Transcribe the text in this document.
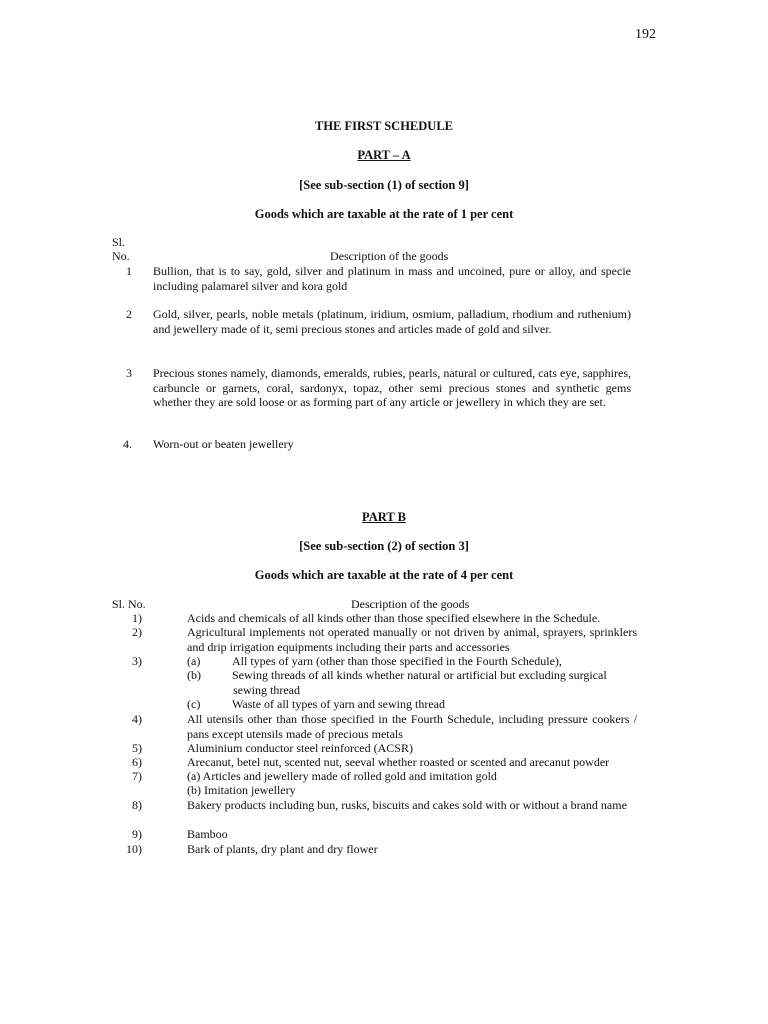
192
THE FIRST SCHEDULE
PART – A
[See sub-section (1) of section 9]
Goods which are taxable at the rate of 1 per cent
Sl.
No.	Description of the goods
1 Bullion, that is to say, gold, silver and platinum in mass and uncoined, pure or alloy, and specie including palamarel silver and kora gold
2 Gold, silver, pearls, noble metals (platinum, iridium, osmium, palladium, rhodium and ruthenium) and jewellery made of it, semi precious stones and articles made of gold and silver.
3 Precious stones namely, diamonds, emeralds, rubies, pearls, natural or cultured, cats eye, sapphires, carbuncle or garnets, coral, sardonyx, topaz, other semi precious stones and synthetic gems whether they are sold loose or as forming part of any article or jewellery in which they are set.
4. Worn-out or beaten jewellery
PART B
[See sub-section (2) of section 3]
Goods which are taxable at the rate of 4 per cent
Sl. No.	Description of the goods
1)	Acids and chemicals of all kinds other than those specified elsewhere in the Schedule.
2)	Agricultural implements not operated manually or not driven by animal, sprayers, sprinklers and drip irrigation equipments including their parts and accessories
3)	(a)	All types of yarn (other than those specified in the Fourth Schedule),
(b)	Sewing threads of all kinds whether natural or artificial but excluding surgical
sewing thread
(c)	Waste of all types of yarn and sewing thread
4)	All utensils other than those specified in the Fourth Schedule, including pressure cookers / pans except utensils made of precious metals
5)	Aluminium conductor steel reinforced (ACSR)
6)	Arecanut, betel nut, scented nut, seeval whether roasted or scented and arecanut powder
7)	(a) Articles and jewellery made of rolled gold and imitation gold
(b) Imitation jewellery
8)	Bakery products including bun, rusks, biscuits and cakes sold with or without a brand name
9)	Bamboo
10)	Bark of plants, dry plant and dry flower
